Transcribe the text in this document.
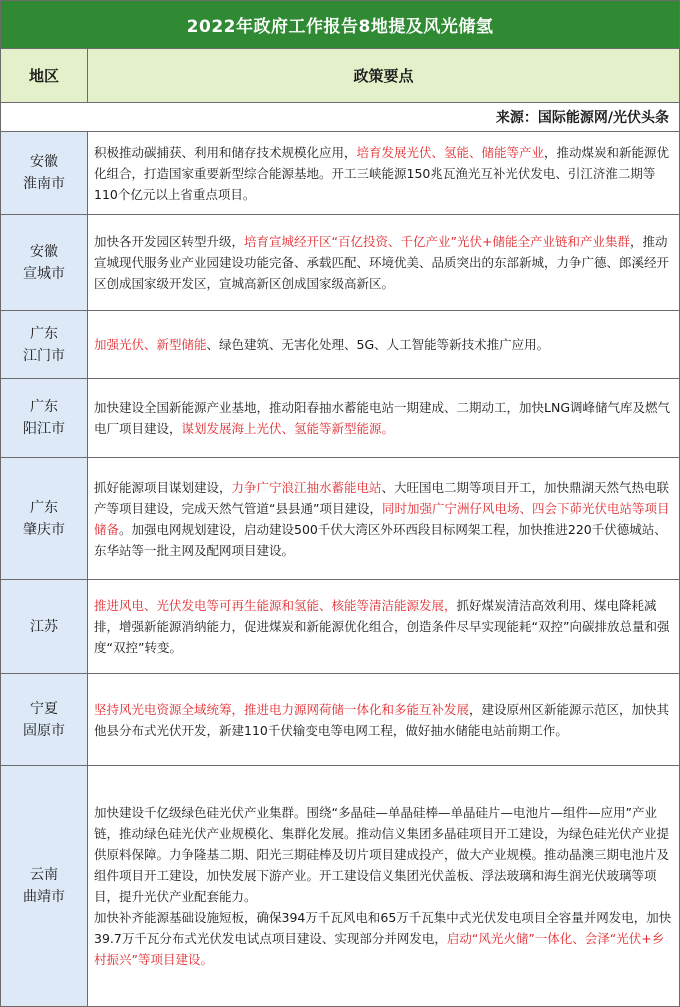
2022年政府工作报告8地提及风光储氢
地区	政策要点
来源：国际能源网/光伏头条
安徽
淮南市

积极推动碳捕获、利用和储存技术规模化应用，培育发展光伏、氢能、储能等产业，推动煤炭和新能源优化组合，打造国家重要新型综合能源基地。开工三峡能源150兆瓦渔光互补光伏发电、引江济淮二期等110个亿元以上省重点项目。

安徽
宣城市

加快各开发园区转型升级，培育宣城经开区“百亿投资、千亿产业”光伏+储能全产业链和产业集群，推动宣城现代服务业产业园建设功能完备、承载匹配、环境优美、品质突出的东部新城，力争广德、郎溪经开区创成国家级开发区，宣城高新区创成国家级高新区。

广东
江门市

加强光伏、新型储能、绿色建筑、无害化处理、5G、人工智能等新技术推广应用。

广东
阳江市

加快建设全国新能源产业基地，推动阳春抽水蓄能电站一期建成、二期动工，加快LNG调峰储气库及燃气电厂项目建设，谋划发展海上光伏、氢能等新型能源。

广东
肇庆市

抓好能源项目谋划建设，力争广宁浪江抽水蓄能电站、大旺国电二期等项目开工，加快鼎湖天然气热电联产等项目建设，完成天然气管道“县县通”项目建设，同时加强广宁洲仔风电场、四会下茆光伏电站等项目储备。加强电网规划建设，启动建设500千伏大湾区外环西段目标网架工程，加快推进220千伏德城站、东华站等一批主网及配网项目建设。

江苏

推进风电、光伏发电等可再生能源和氢能、核能等清洁能源发展，抓好煤炭清洁高效利用、煤电降耗减排，增强新能源消纳能力，促进煤炭和新能源优化组合，创造条件尽早实现能耗“双控”向碳排放总量和强度“双控”转变。

宁夏
固原市

坚持风光电资源全域统筹，推进电力源网荷储一体化和多能互补发展，建设原州区新能源示范区，加快其他县分布式光伏开发，新建110千伏输变电等电网工程，做好抽水储能电站前期工作。

云南
曲靖市

加快建设千亿级绿色硅光伏产业集群。围绕“多晶硅—单晶硅棒—单晶硅片—电池片—组件—应用”产业链，推动绿色硅光伏产业规模化、集群化发展。推动信义集团多晶硅项目开工建设，为绿色硅光伏产业提供原料保障。力争隆基二期、阳光三期硅棒及切片项目建成投产，做大产业规模。推动晶澳三期电池片及组件项目开工建设，加快发展下游产业。开工建设信义集团光伏盖板、浮法玻璃和海生润光伏玻璃等项目，提升光伏产业配套能力。

加快补齐能源基础设施短板，确保394万千瓦风电和65万千瓦集中式光伏发电项目全容量并网发电，加快39.7万千瓦分布式光伏发电试点项目建设、实现部分并网发电，启动“风光火储”一体化、会泽“光伏+乡村振兴”等项目建设。
